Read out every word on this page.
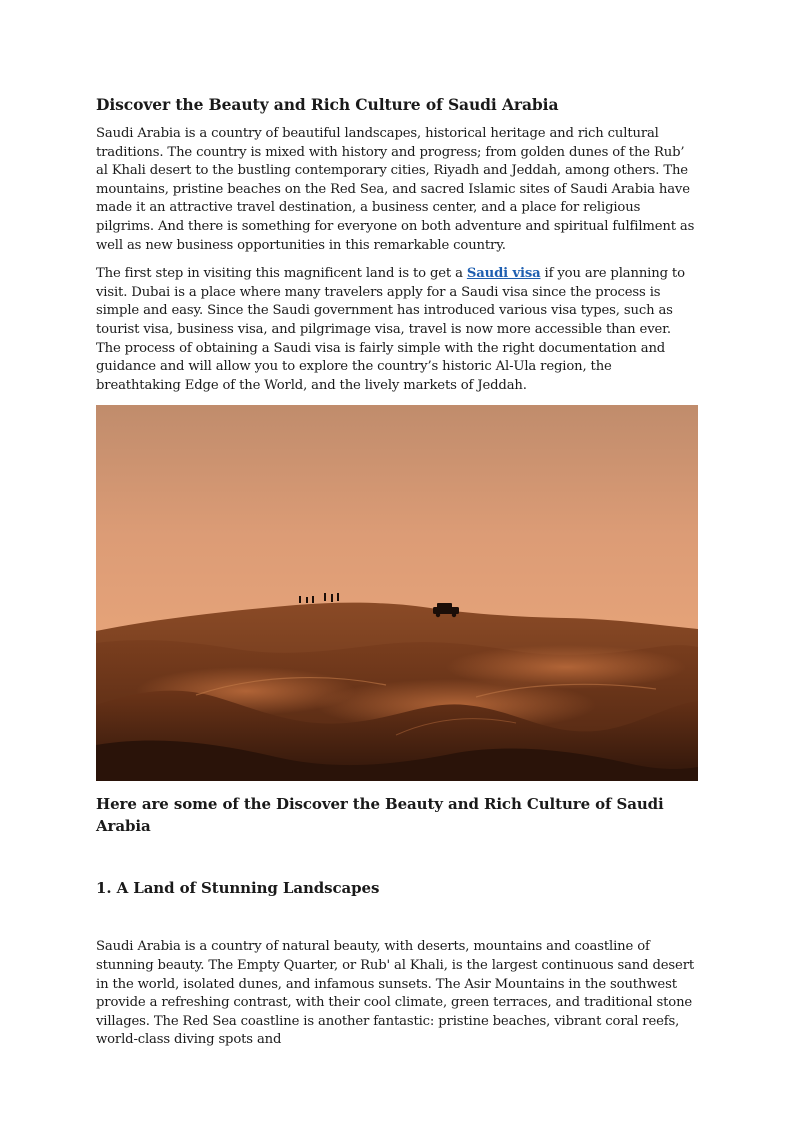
Discover the Beauty and Rich Culture of Saudi Arabia

Saudi Arabia is a country of beautiful landscapes, historical heritage and rich cultural traditions. The country is mixed with history and progress; from golden dunes of the Rub’ al Khali desert to the bustling contemporary cities, Riyadh and Jeddah, among others. The mountains, pristine beaches on the Red Sea, and sacred Islamic sites of Saudi Arabia have made it an attractive travel destination, a business center, and a place for religious pilgrims. And there is something for everyone on both adventure and spiritual fulfilment as well as new business opportunities in this remarkable country.

The first step in visiting this magnificent land is to get a Saudi visa if you are planning to visit. Dubai is a place where many travelers apply for a Saudi visa since the process is simple and easy. Since the Saudi government has introduced various visa types, such as tourist visa, business visa, and pilgrimage visa, travel is now more accessible than ever. The process of obtaining a Saudi visa is fairly simple with the right documentation and guidance and will allow you to explore the country’s historic Al-Ula region, the breathtaking Edge of the World, and the lively markets of Jeddah.

Here are some of the Discover the Beauty and Rich Culture of Saudi Arabia
1. A Land of Stunning Landscapes

Saudi Arabia is a country of natural beauty, with deserts, mountains and coastline of stunning beauty. The Empty Quarter, or Rub' al Khali, is the largest continuous sand desert in the world, isolated dunes, and infamous sunsets. The Asir Mountains in the southwest provide a refreshing contrast, with their cool climate, green terraces, and traditional stone villages. The Red Sea coastline is another fantastic: pristine beaches, vibrant coral reefs, world-class diving spots and
